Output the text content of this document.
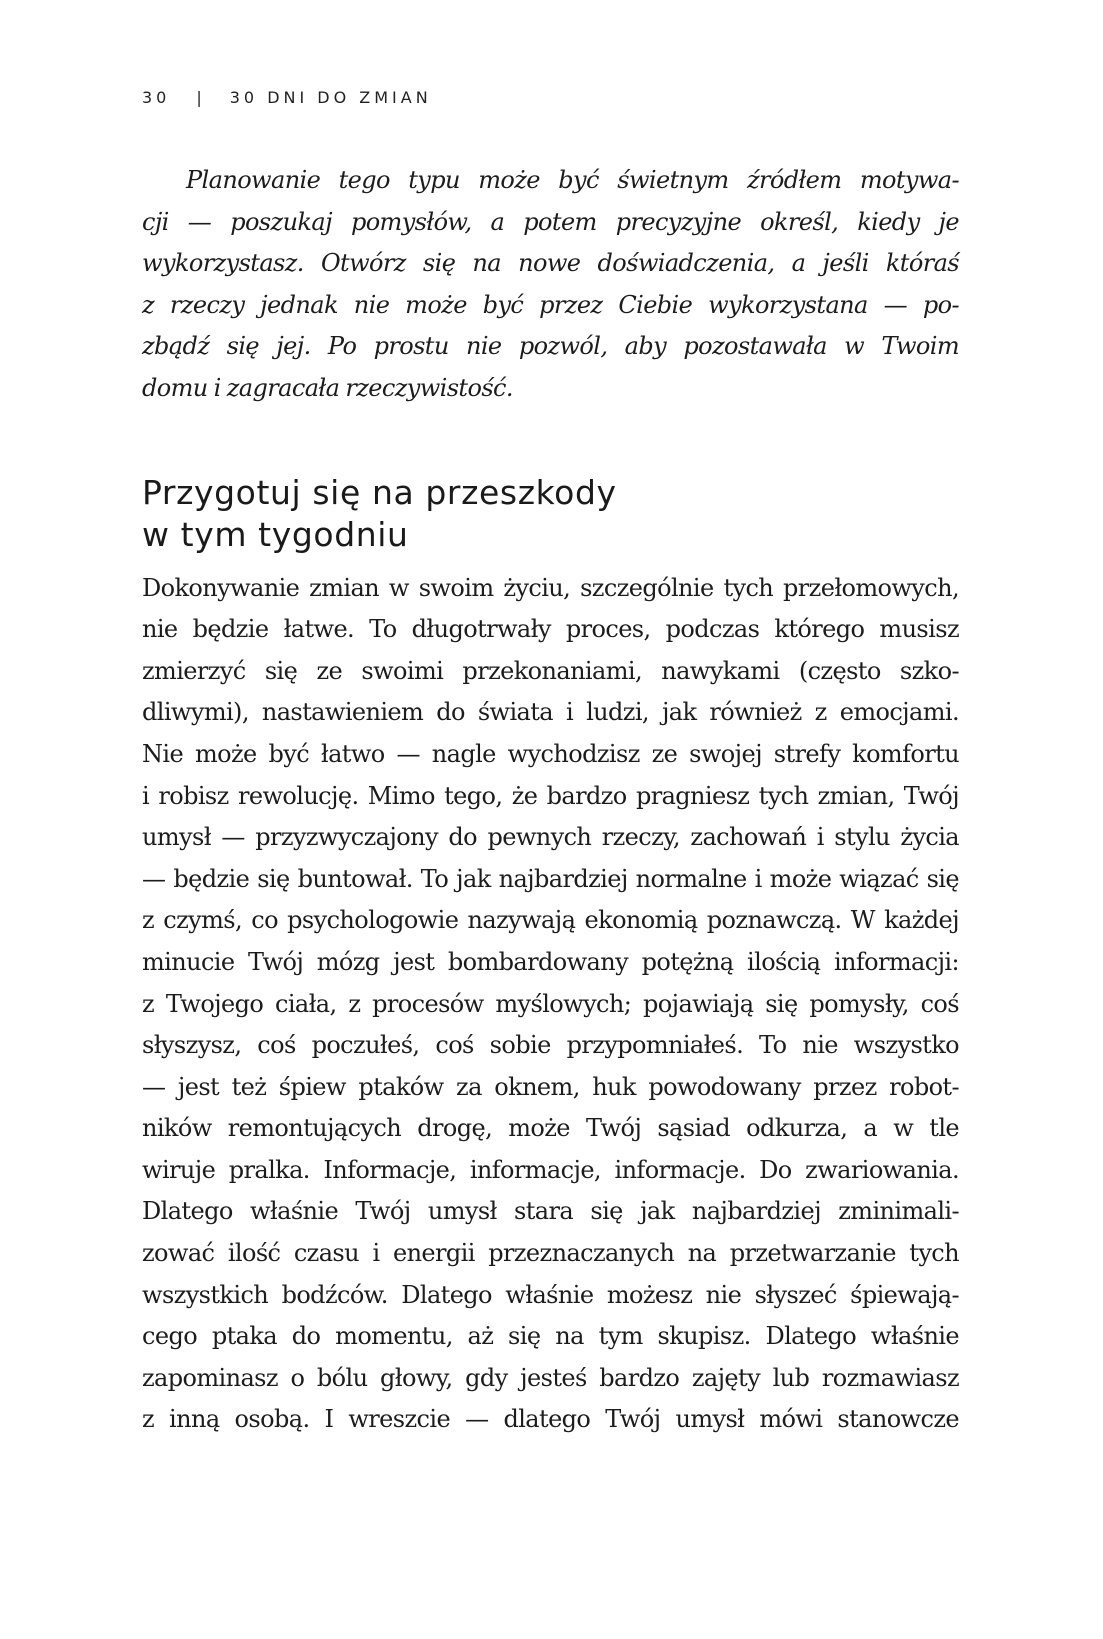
30 | 30 DNI DO ZMIAN
Planowanie tego typu może być świetnym źródłem motywa-
cji — poszukaj pomysłów, a potem precyzyjne określ, kiedy je
wykorzystasz. Otwórz się na nowe doświadczenia, a jeśli któraś
z rzeczy jednak nie może być przez Ciebie wykorzystana — po-
zbądź się jej. Po prostu nie pozwól, aby pozostawała w Twoim
domu i zagracała rzeczywistość.
Przygotuj się na przeszkody
w tym tygodniu
Dokonywanie zmian w swoim życiu, szczególnie tych przełomowych,
nie będzie łatwe. To długotrwały proces, podczas którego musisz
zmierzyć się ze swoimi przekonaniami, nawykami (często szko-
dliwymi), nastawieniem do świata i ludzi, jak również z emocjami.
Nie może być łatwo — nagle wychodzisz ze swojej strefy komfortu
i robisz rewolucję. Mimo tego, że bardzo pragniesz tych zmian, Twój
umysł — przyzwyczajony do pewnych rzeczy, zachowań i stylu życia
— będzie się buntował. To jak najbardziej normalne i może wiązać się
z czymś, co psychologowie nazywają ekonomią poznawczą. W każdej
minucie Twój mózg jest bombardowany potężną ilością informacji:
z Twojego ciała, z procesów myślowych; pojawiają się pomysły, coś
słyszysz, coś poczułeś, coś sobie przypomniałeś. To nie wszystko
— jest też śpiew ptaków za oknem, huk powodowany przez robot-
ników remontujących drogę, może Twój sąsiad odkurza, a w tle
wiruje pralka. Informacje, informacje, informacje. Do zwariowania.
Dlatego właśnie Twój umysł stara się jak najbardziej zminimali-
zować ilość czasu i energii przeznaczanych na przetwarzanie tych
wszystkich bodźców. Dlatego właśnie możesz nie słyszeć śpiewają-
cego ptaka do momentu, aż się na tym skupisz. Dlatego właśnie
zapominasz o bólu głowy, gdy jesteś bardzo zajęty lub rozmawiasz
z inną osobą. I wreszcie — dlatego Twój umysł mówi stanowcze
